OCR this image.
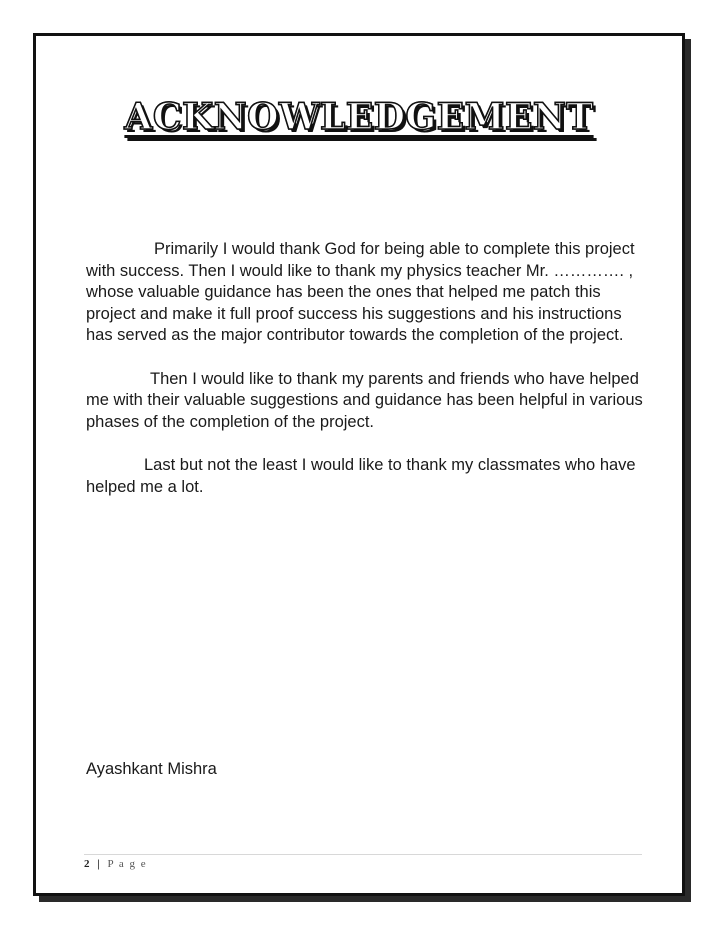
ACKNOWLEDGEMENT

Primarily I would thank God for being able to complete this project with success. Then I would like to thank my physics teacher Mr. …………. , whose valuable guidance has been the ones that helped me patch this project and make it full proof success his suggestions and his instructions has served as the major contributor towards the completion of the project.

Then I would like to thank my parents and friends who have helped me with their valuable suggestions and guidance has been helpful in various phases of the completion of the project.

Last but not the least I would like to thank my classmates who have helped me a lot.

Ayashkant Mishra

2 | P a g e
